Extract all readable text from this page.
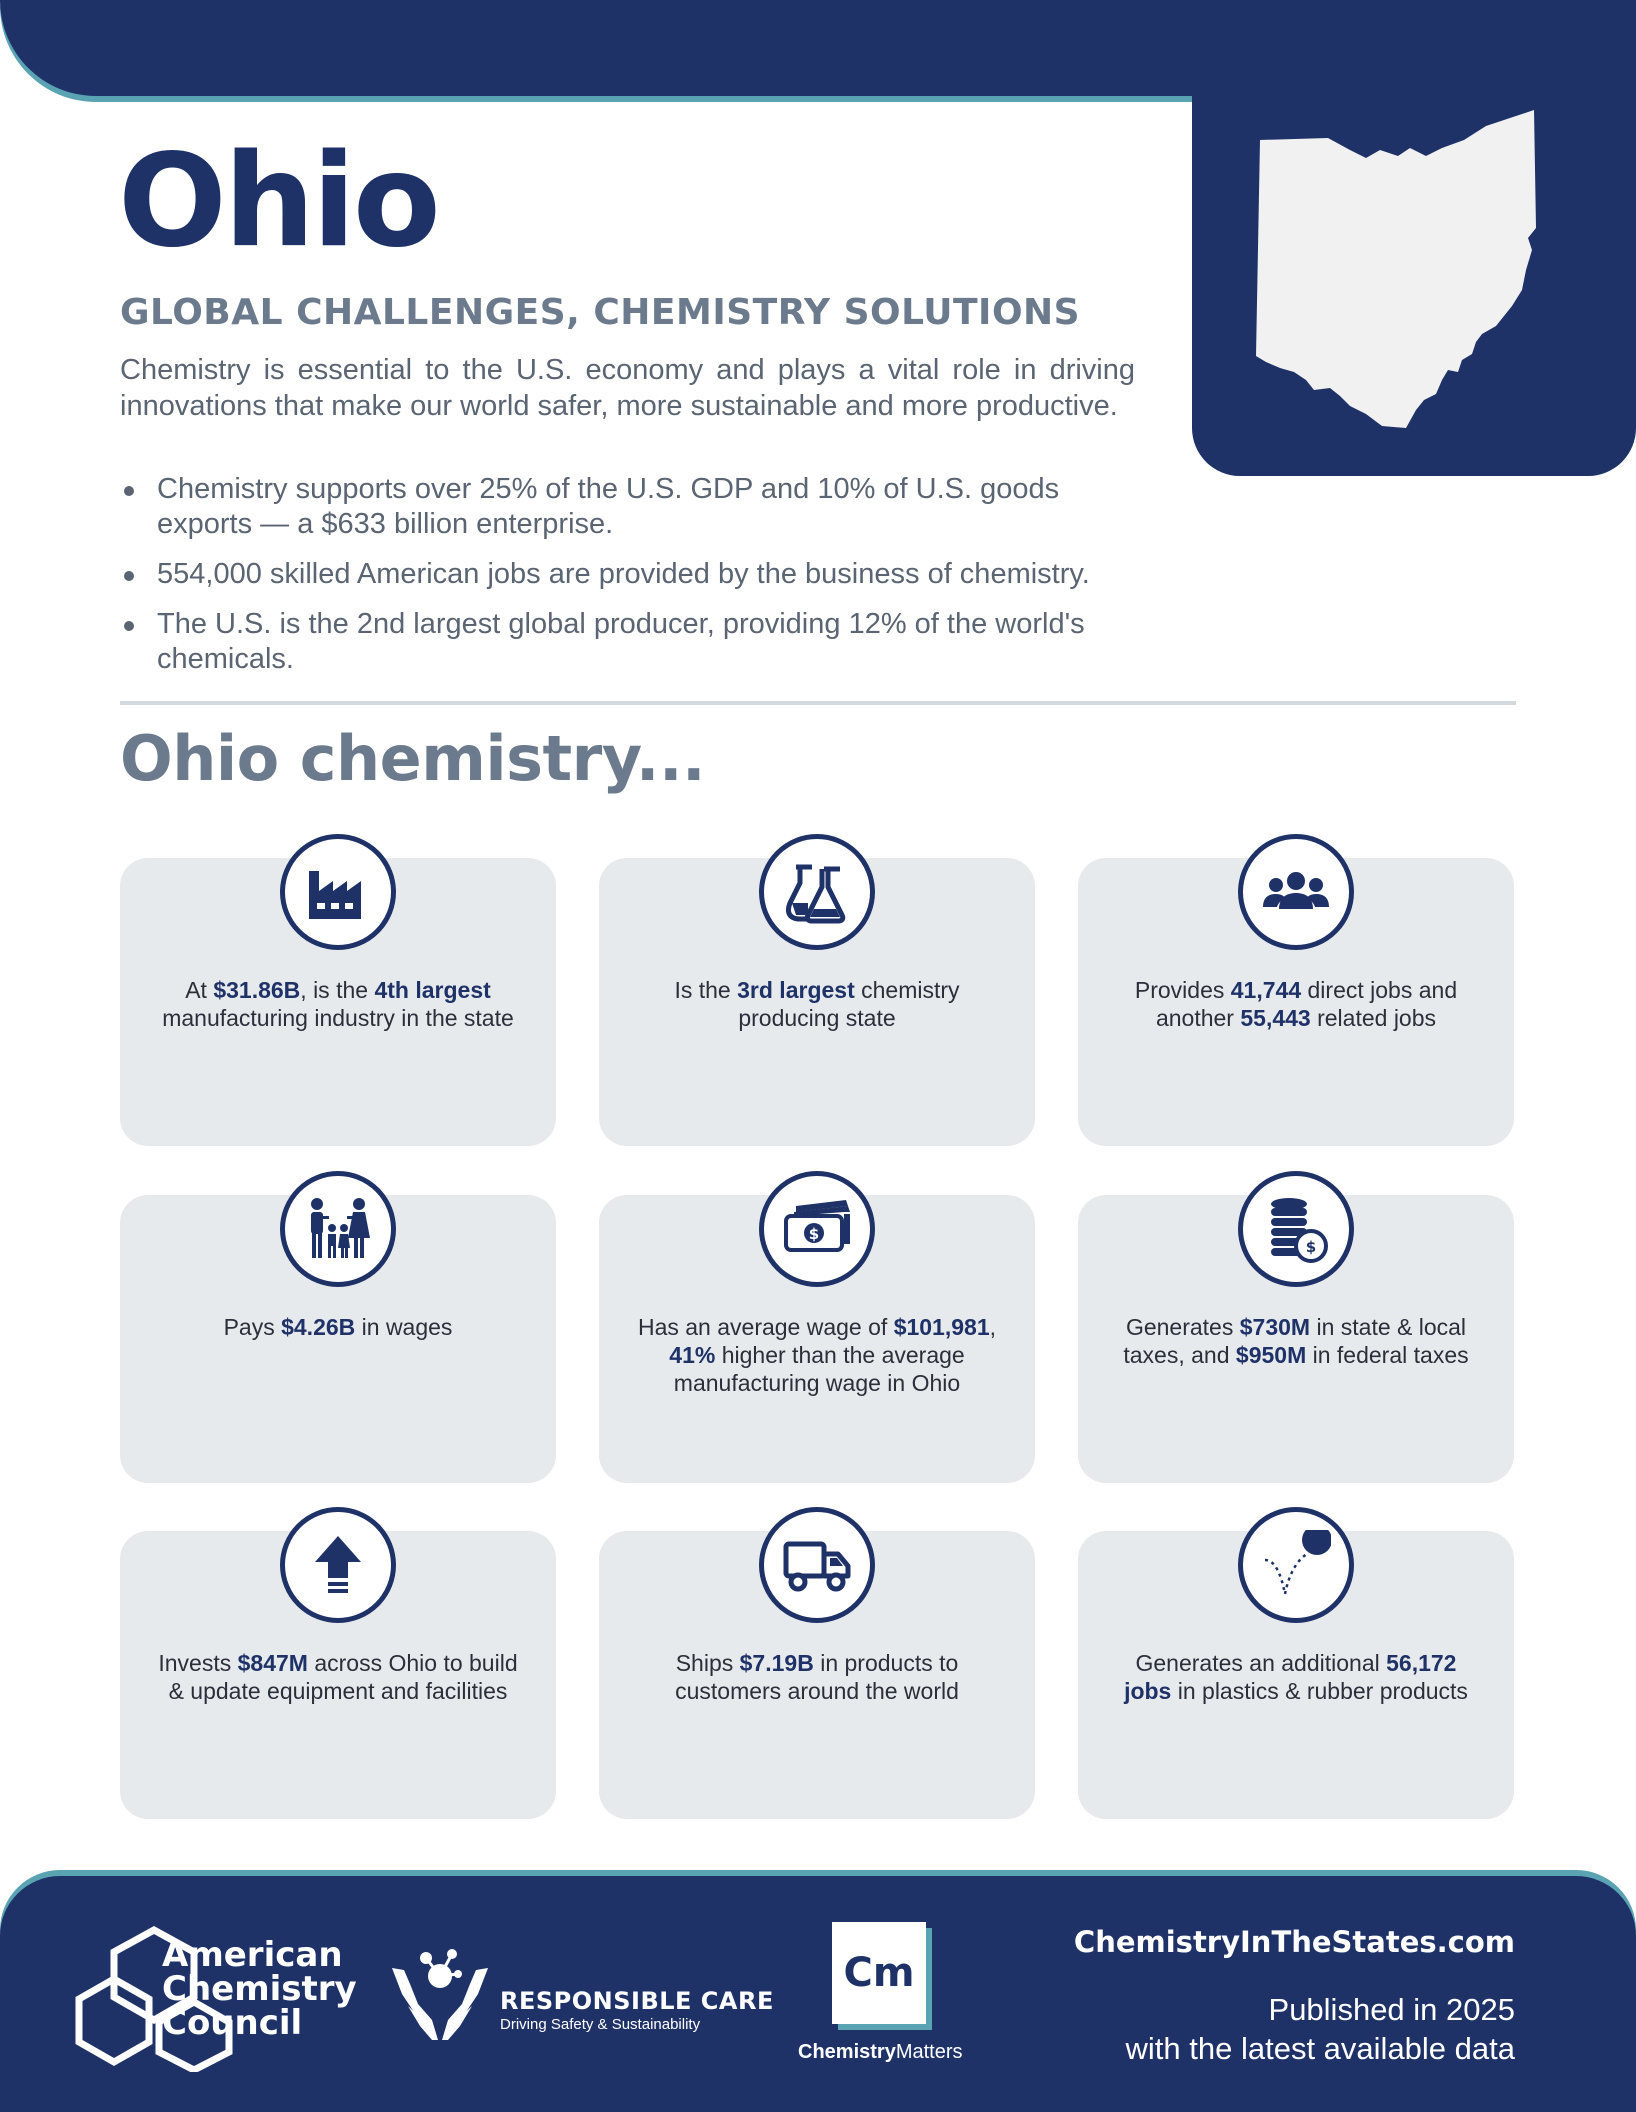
Ohio
GLOBAL CHALLENGES, CHEMISTRY SOLUTIONS

Chemistry is essential to the U.S. economy and plays a vital role in driving innovations that make our world safer, more sustainable and more productive.

Chemistry supports over 25% of the U.S. GDP and 10% of U.S. goods exports — a $633 billion enterprise.
554,000 skilled American jobs are provided by the business of chemistry.
The U.S. is the 2nd largest global producer, providing 12% of the world's chemicals.
Ohio chemistry...
At $31.86B, is the 4th largest manufacturing industry in the state
Is the 3rd largest chemistry producing state
Provides 41,744 direct jobs and another 55,443 related jobs
Pays $4.26B in wages
$
Has an average wage of $101,981, 41% higher than the average manufacturing wage in Ohio
$
Generates $730M in state & local taxes, and $950M in federal taxes
Invests $847M across Ohio to build & update equipment and facilities
Ships $7.19B in products to customers around the world
Generates an additional 56,172 jobs in plastics & rubber products
American
Chemistry
Council
RESPONSIBLE CARE
Driving Safety & Sustainability
Cm
ChemistryMatters
ChemistryInTheStates.com
Published in 2025
with the latest available data
